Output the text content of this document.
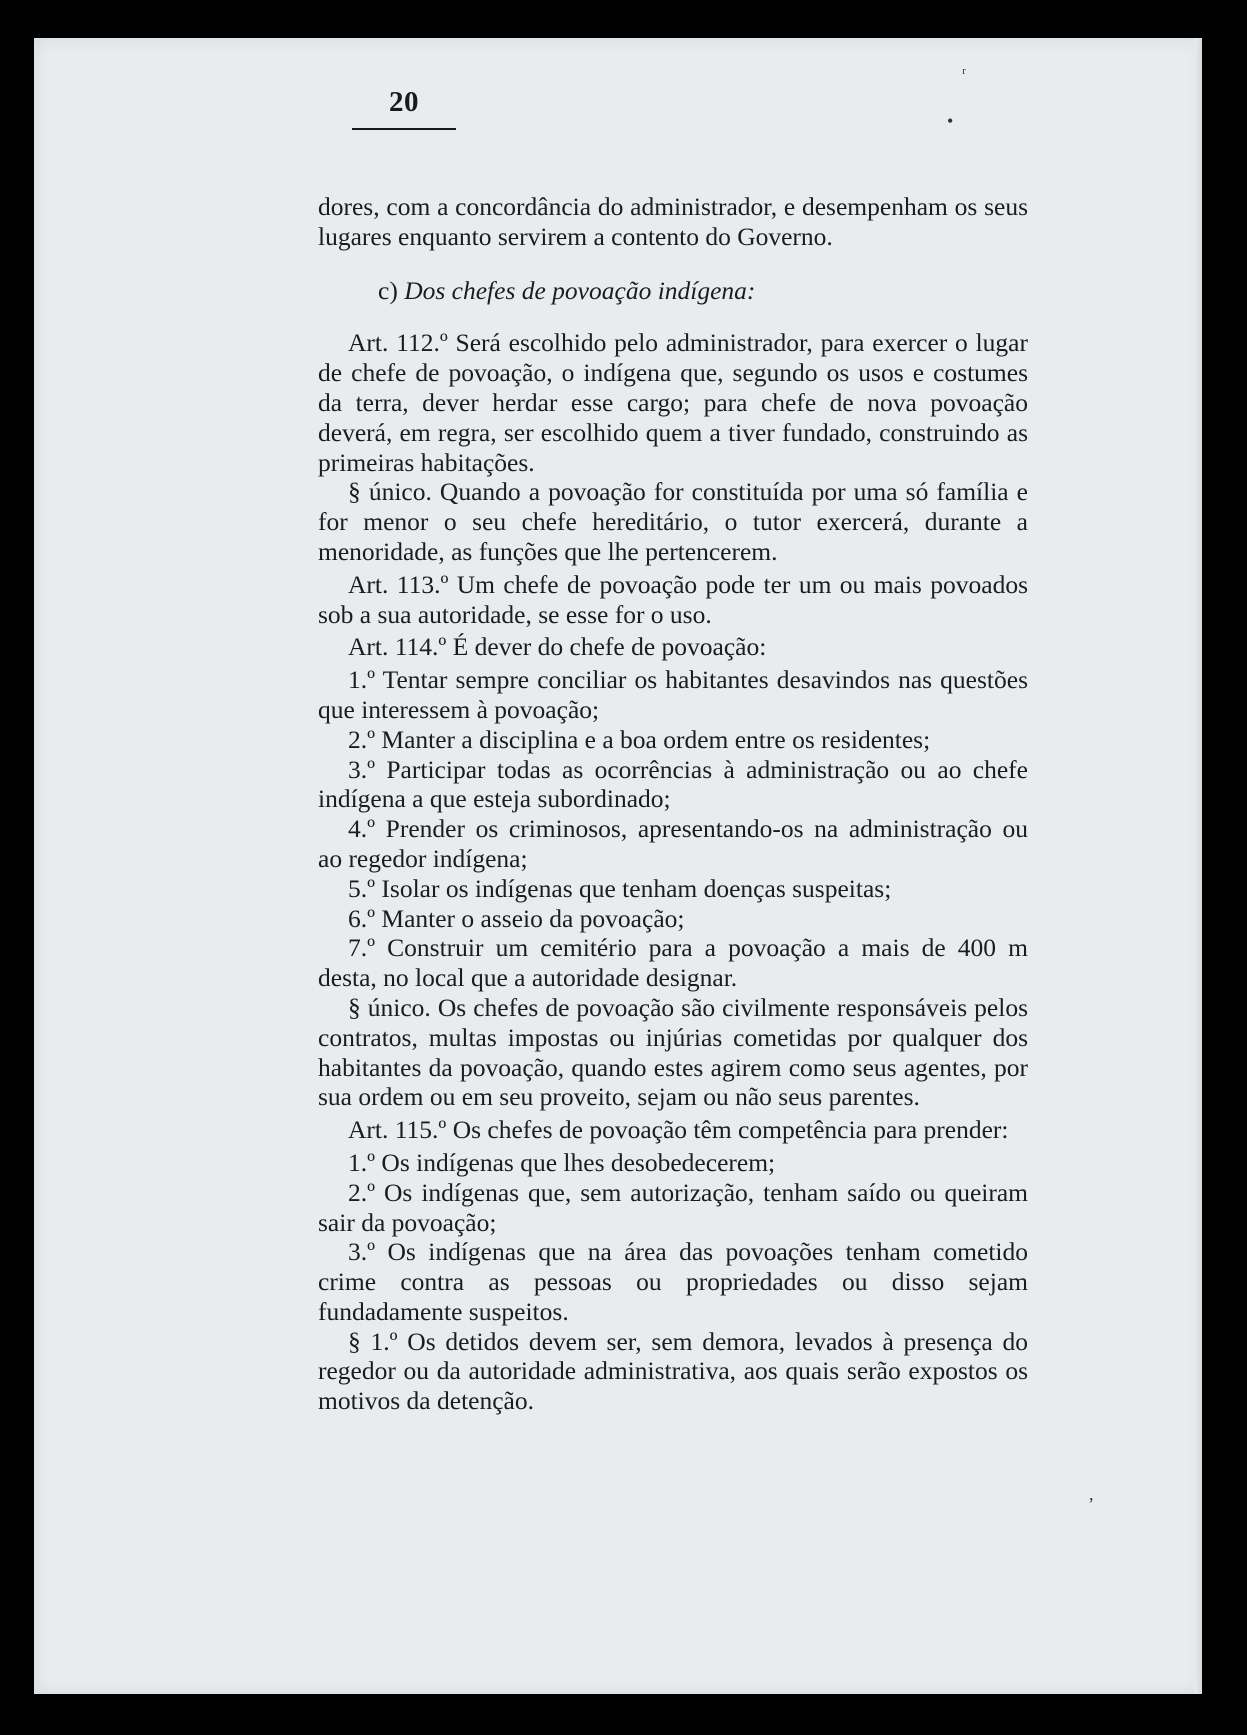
20
ʳ
•
,

dores, com a concordância do administrador, e desempenham os seus lugares enquanto servirem a contento do Governo.

c) Dos chefes de povoação indígena:

Art. 112.º Será escolhido pelo administrador, para exercer o lugar de chefe de povoação, o indígena que, segundo os usos e costumes da terra, dever herdar esse cargo; para chefe de nova povoação deverá, em regra, ser escolhido quem a tiver fundado, construindo as primeiras habitações.

§ único. Quando a povoação for constituída por uma só família e for menor o seu chefe hereditário, o tutor exercerá, durante a menoridade, as funções que lhe pertencerem.

Art. 113.º Um chefe de povoação pode ter um ou mais povoados sob a sua autoridade, se esse for o uso.

Art. 114.º É dever do chefe de povoação:

1.º Tentar sempre conciliar os habitantes desavindos nas questões que interessem à povoação;

2.º Manter a disciplina e a boa ordem entre os residentes;

3.º Participar todas as ocorrências à administração ou ao chefe indígena a que esteja subordinado;

4.º Prender os criminosos, apresentando-os na administração ou ao regedor indígena;

5.º Isolar os indígenas que tenham doenças suspeitas;

6.º Manter o asseio da povoação;

7.º Construir um cemitério para a povoação a mais de 400 m desta, no local que a autoridade designar.

§ único. Os chefes de povoação são civilmente responsáveis pelos contratos, multas impostas ou injúrias cometidas por qualquer dos habitantes da povoação, quando estes agirem como seus agentes, por sua ordem ou em seu proveito, sejam ou não seus parentes.

Art. 115.º Os chefes de povoação têm competência para prender:

1.º Os indígenas que lhes desobedecerem;

2.º Os indígenas que, sem autorização, tenham saído ou queiram sair da povoação;

3.º Os indígenas que na área das povoações tenham cometido crime contra as pessoas ou propriedades ou disso sejam fundadamente suspeitos.

§ 1.º Os detidos devem ser, sem demora, levados à presença do regedor ou da autoridade administrativa, aos quais serão expostos os motivos da detenção.
